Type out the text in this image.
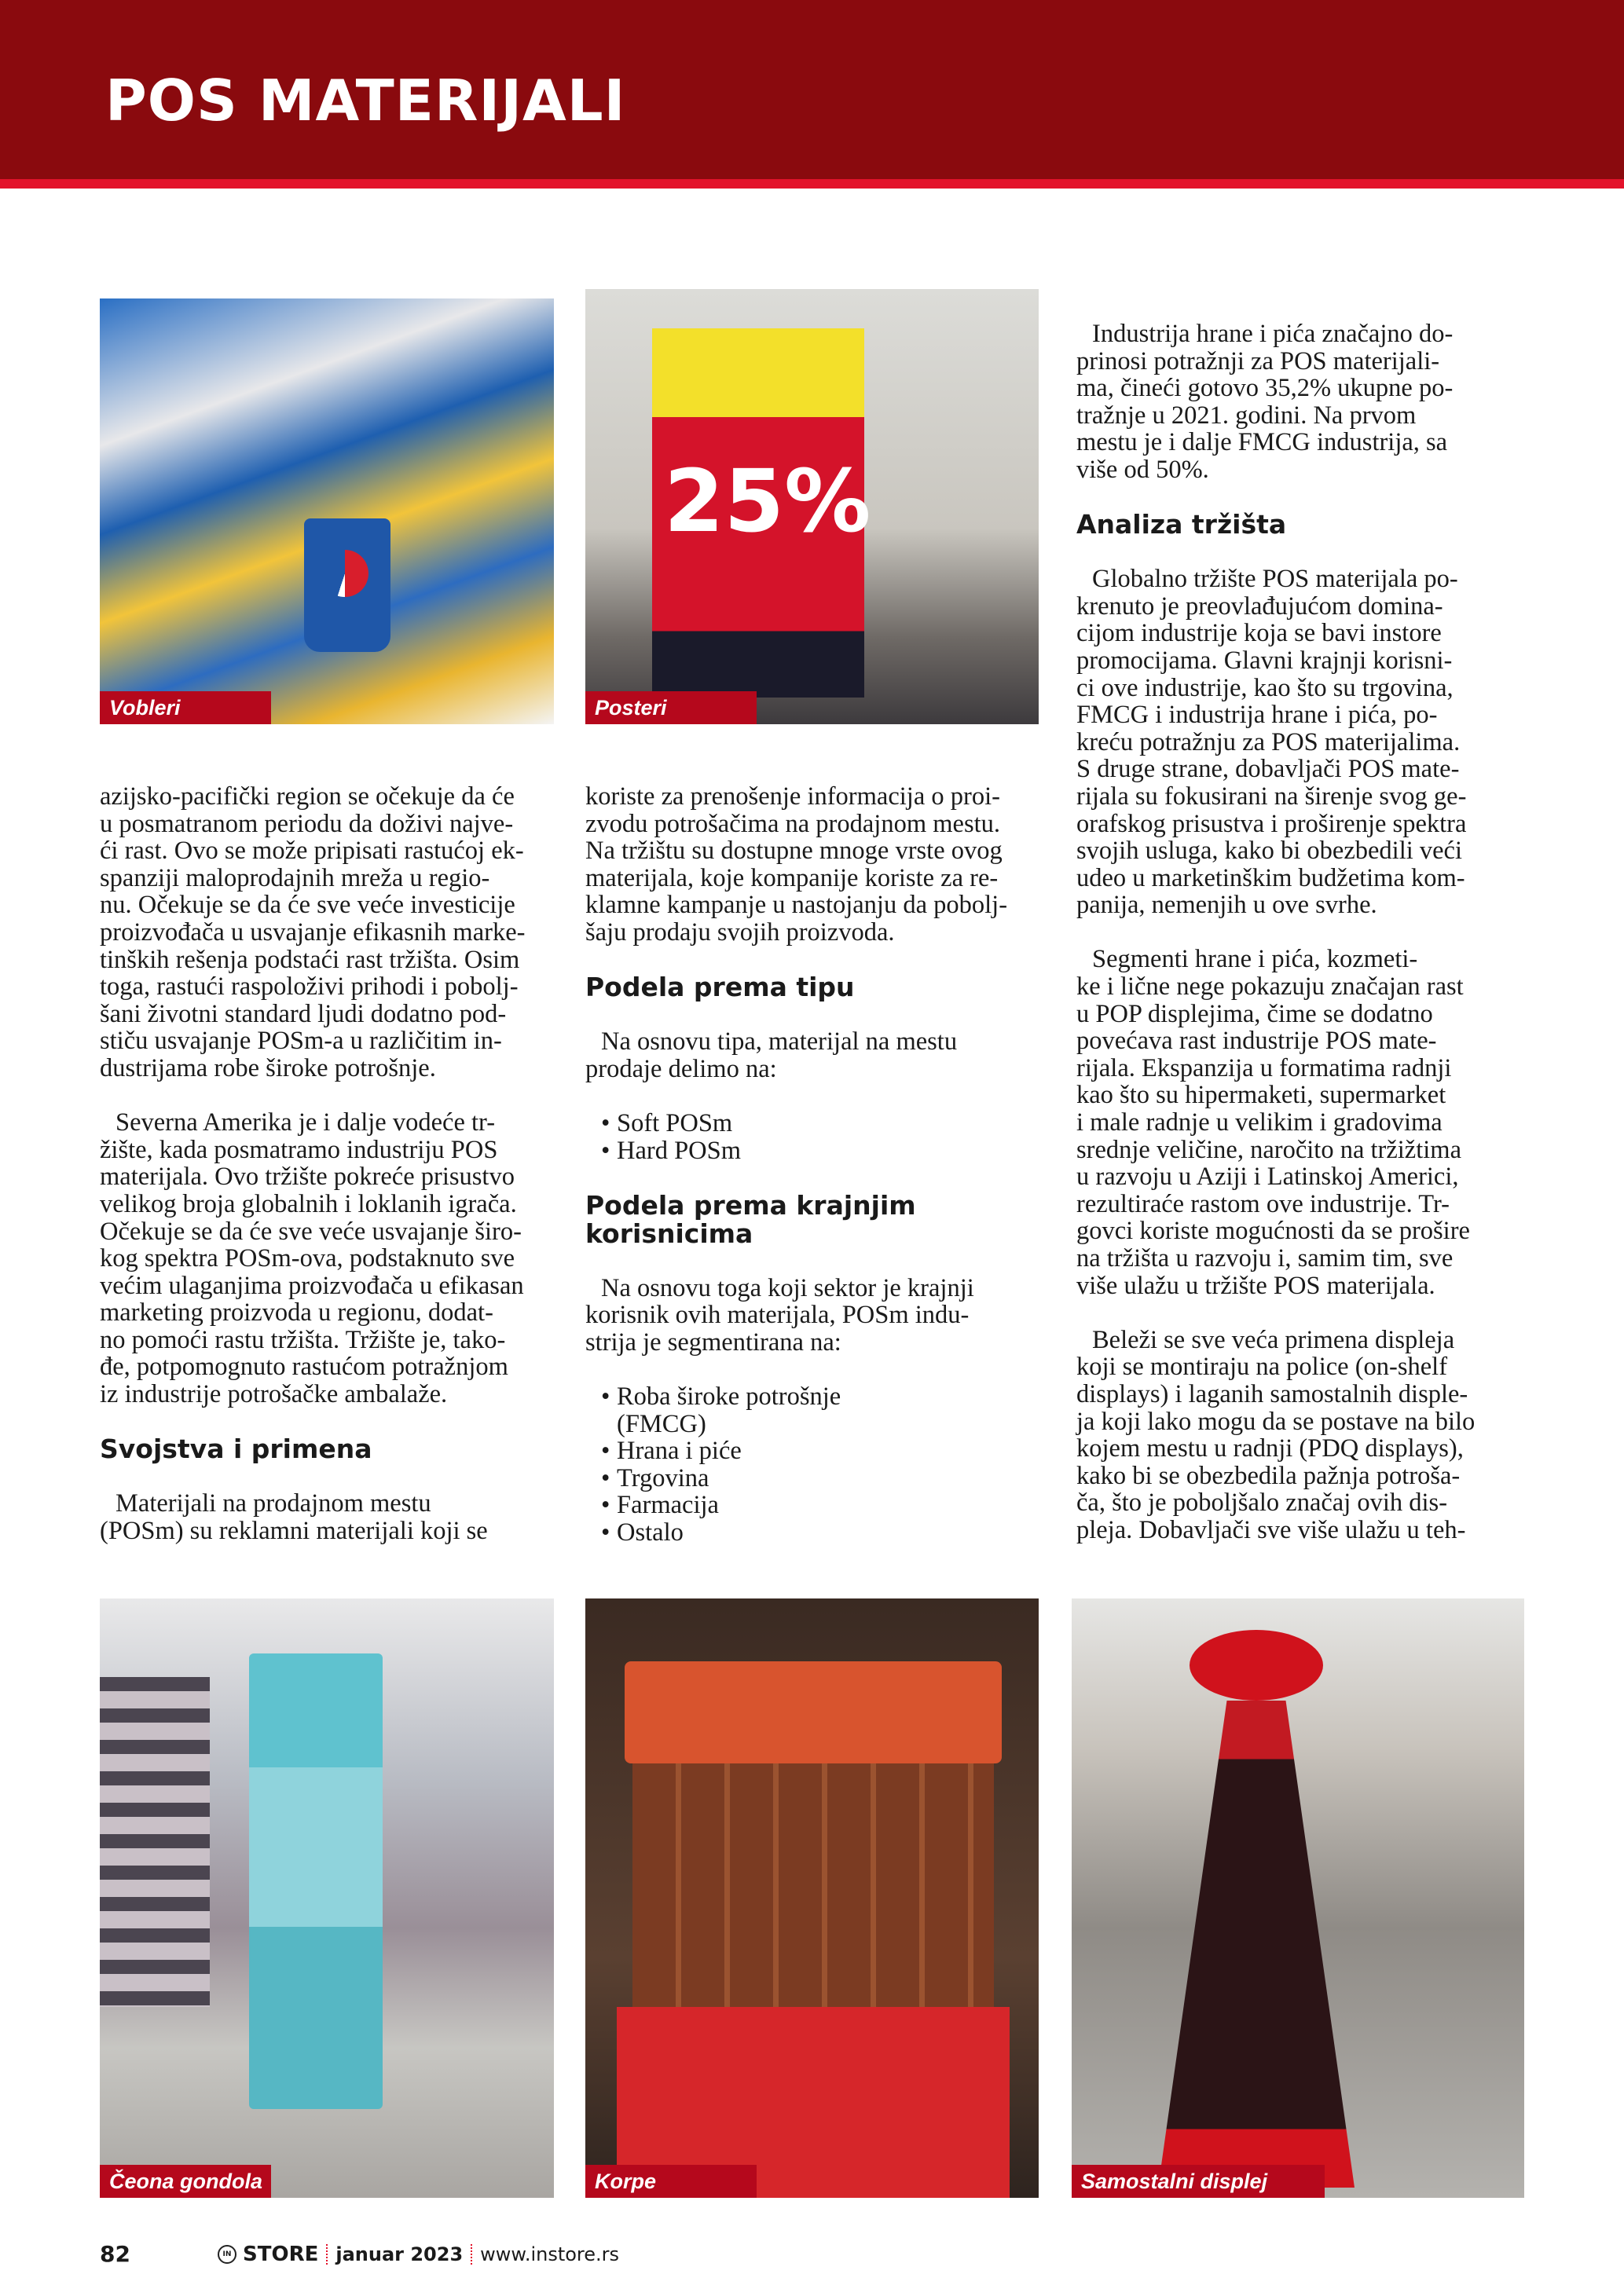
POS MATERIJALI
Vobleri
25%
Posteri

azijsko-pacifički region se očekuje da će
u posmatranom periodu da doživi najve-
ći rast. Ovo se može pripisati rastućoj ek-
spanziji maloprodajnih mreža u regio-
nu. Očekuje se da će sve veće investicije
proizvođača u usvajanje efikasnih marke-
tinških rešenja podstaći rast tržišta. Osim
toga, rastući raspoloživi prihodi i pobolj-
šani životni standard ljudi dodatno pod-
stiču usvajanje POSm-a u različitim in-
dustrijama robe široke potrošnje.

Severna Amerika je i dalje vodeće tr-
žište, kada posmatramo industriju POS
materijala. Ovo tržište pokreće prisustvo
velikog broja globalnih i loklanih igrača.
Očekuje se da će sve veće usvajanje širo-
kog spektra POSm-ova, podstaknuto sve
većim ulaganjima proizvođača u efikasan
marketing proizvoda u regionu, dodat-
no pomoći rastu tržišta. Tržište je, tako-
đe, potpomognuto rastućom potražnjom
iz industrije potrošačke ambalaže.

Svojstva i primena

Materijali na prodajnom mestu
(POSm) su reklamni materijali koji se

koriste za prenošenje informacija o proi-
zvodu potrošačima na prodajnom mestu.
Na tržištu su dostupne mnoge vrste ovog
materijala, koje kompanije koriste za re-
klamne kampanje u nastojanju da pobolj-
šaju prodaju svojih proizvoda.

Podela prema tipu

Na osnovu tipa, materijal na mestu
prodaje delimo na:

• Soft POSm
• Hard POSm
Podela prema krajnjim
korisnicima

Na osnovu toga koji sektor je krajnji
korisnik ovih materijala, POSm indu-
strija je segmentirana na:

• Roba široke potrošnje
(FMCG)
• Hrana i piće
• Trgovina
• Farmacija
• Ostalo

Industrija hrane i pića značajno do-
prinosi potražnji za POS materijali-
ma, čineći gotovo 35,2% ukupne po-
tražnje u 2021. godini. Na prvom
mestu je i dalje FMCG industrija, sa
više od 50%.

Analiza tržišta

Globalno tržište POS materijala po-
krenuto je preovlađujućom domina-
cijom industrije koja se bavi instore
promocijama. Glavni krajnji korisni-
ci ove industrije, kao što su trgovina,
FMCG i industrija hrane i pića, po-
kreću potražnju za POS materijalima.
S druge strane, dobavljači POS mate-
rijala su fokusirani na širenje svog ge-
orafskog prisustva i proširenje spektra
svojih usluga, kako bi obezbedili veći
udeo u marketinškim budžetima kom-
panija, nemenjih u ove svrhe.

Segmenti hrane i pića, kozmeti-
ke i lične nege pokazuju značajan rast
u POP displejima, čime se dodatno
povećava rast industrije POS mate-
rijala. Ekspanzija u formatima radnji
kao što su hipermaketi, supermarket
i male radnje u velikim i gradovima
srednje veličine, naročito na tržižtima
u razvoju u Aziji i Latinskoj Americi,
rezultiraće rastom ove industrije. Tr-
govci koriste mogućnosti da se prošire
na tržišta u razvoju i, samim tim, sve
više ulažu u tržište POS materijala.

Beleži se sve veća primena displeja
koji se montiraju na police (on-shelf
displays) i laganih samostalnih disple-
ja koji lako mogu da se postave na bilo
kojem mestu u radnji (PDQ displays),
kako bi se obezbedila pažnja potroša-
ča, što je poboljšalo značaj ovih dis-
pleja. Dobavljači sve više ulažu u teh-

Čeona gondola	Korpe	Samostalni displej
82	IN STORE januar 2023 www.instore.rs
